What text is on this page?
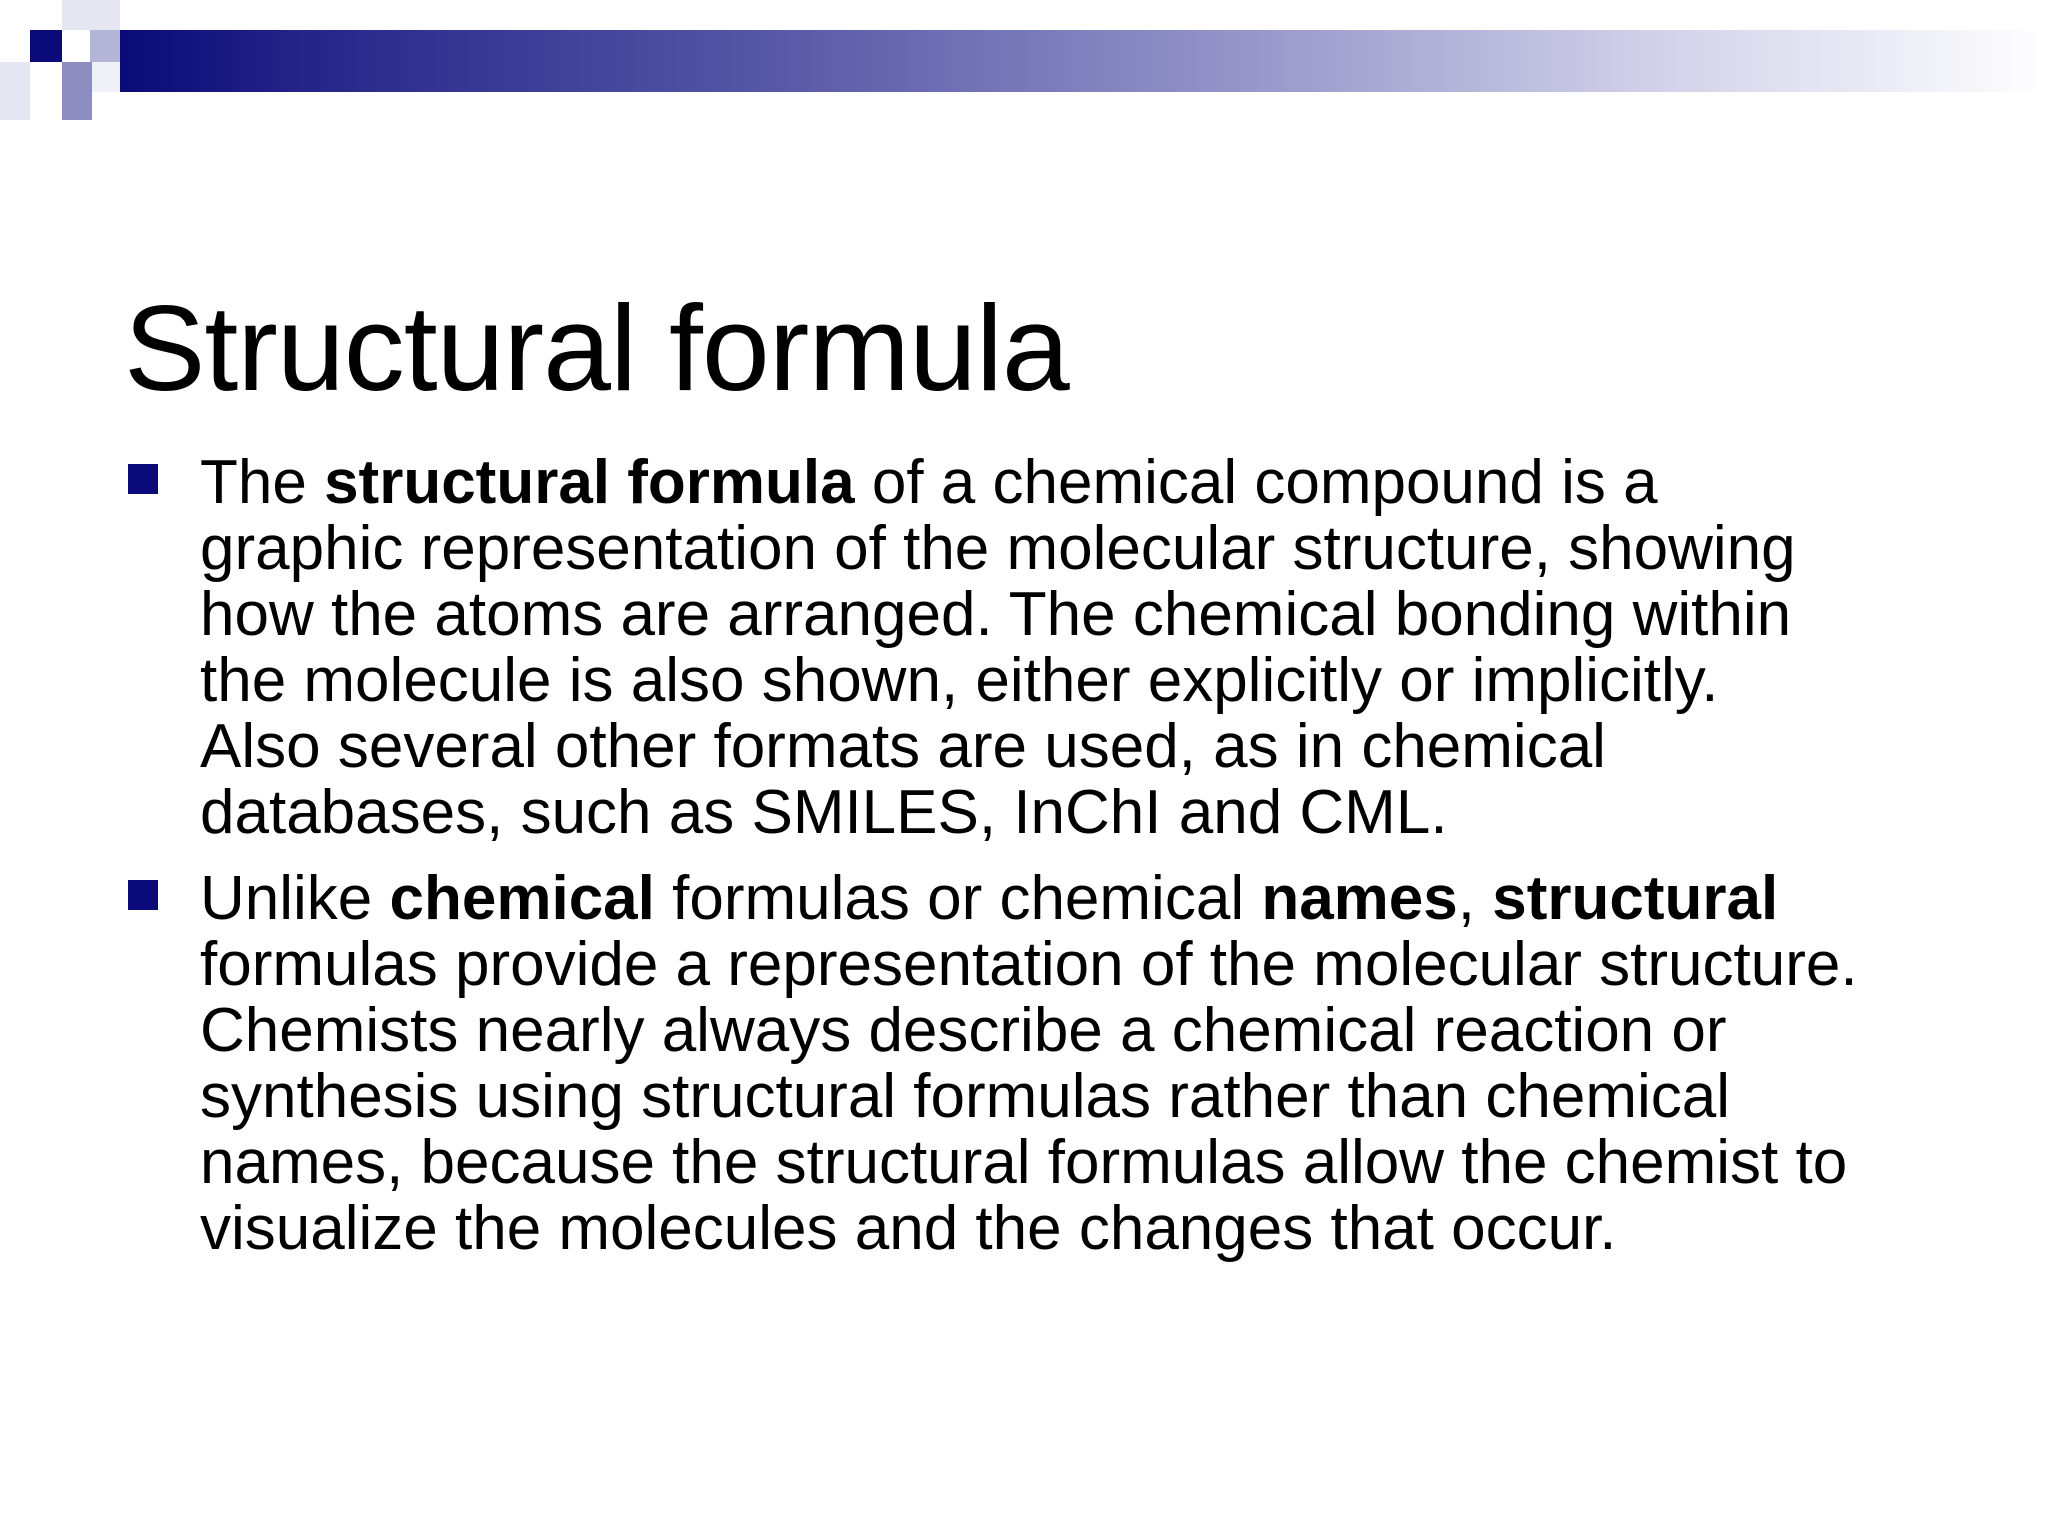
Structural formula
The structural formula of a chemical compound is a
graphic representation of the molecular structure, showing
how the atoms are arranged. The chemical bonding within
the molecule is also shown, either explicitly or implicitly.
Also several other formats are used, as in chemical
databases, such as SMILES, InChI and CML.
Unlike chemical formulas or chemical names, structural
formulas provide a representation of the molecular structure.
Chemists nearly always describe a chemical reaction or
synthesis using structural formulas rather than chemical
names, because the structural formulas allow the chemist to
visualize the molecules and the changes that occur.
